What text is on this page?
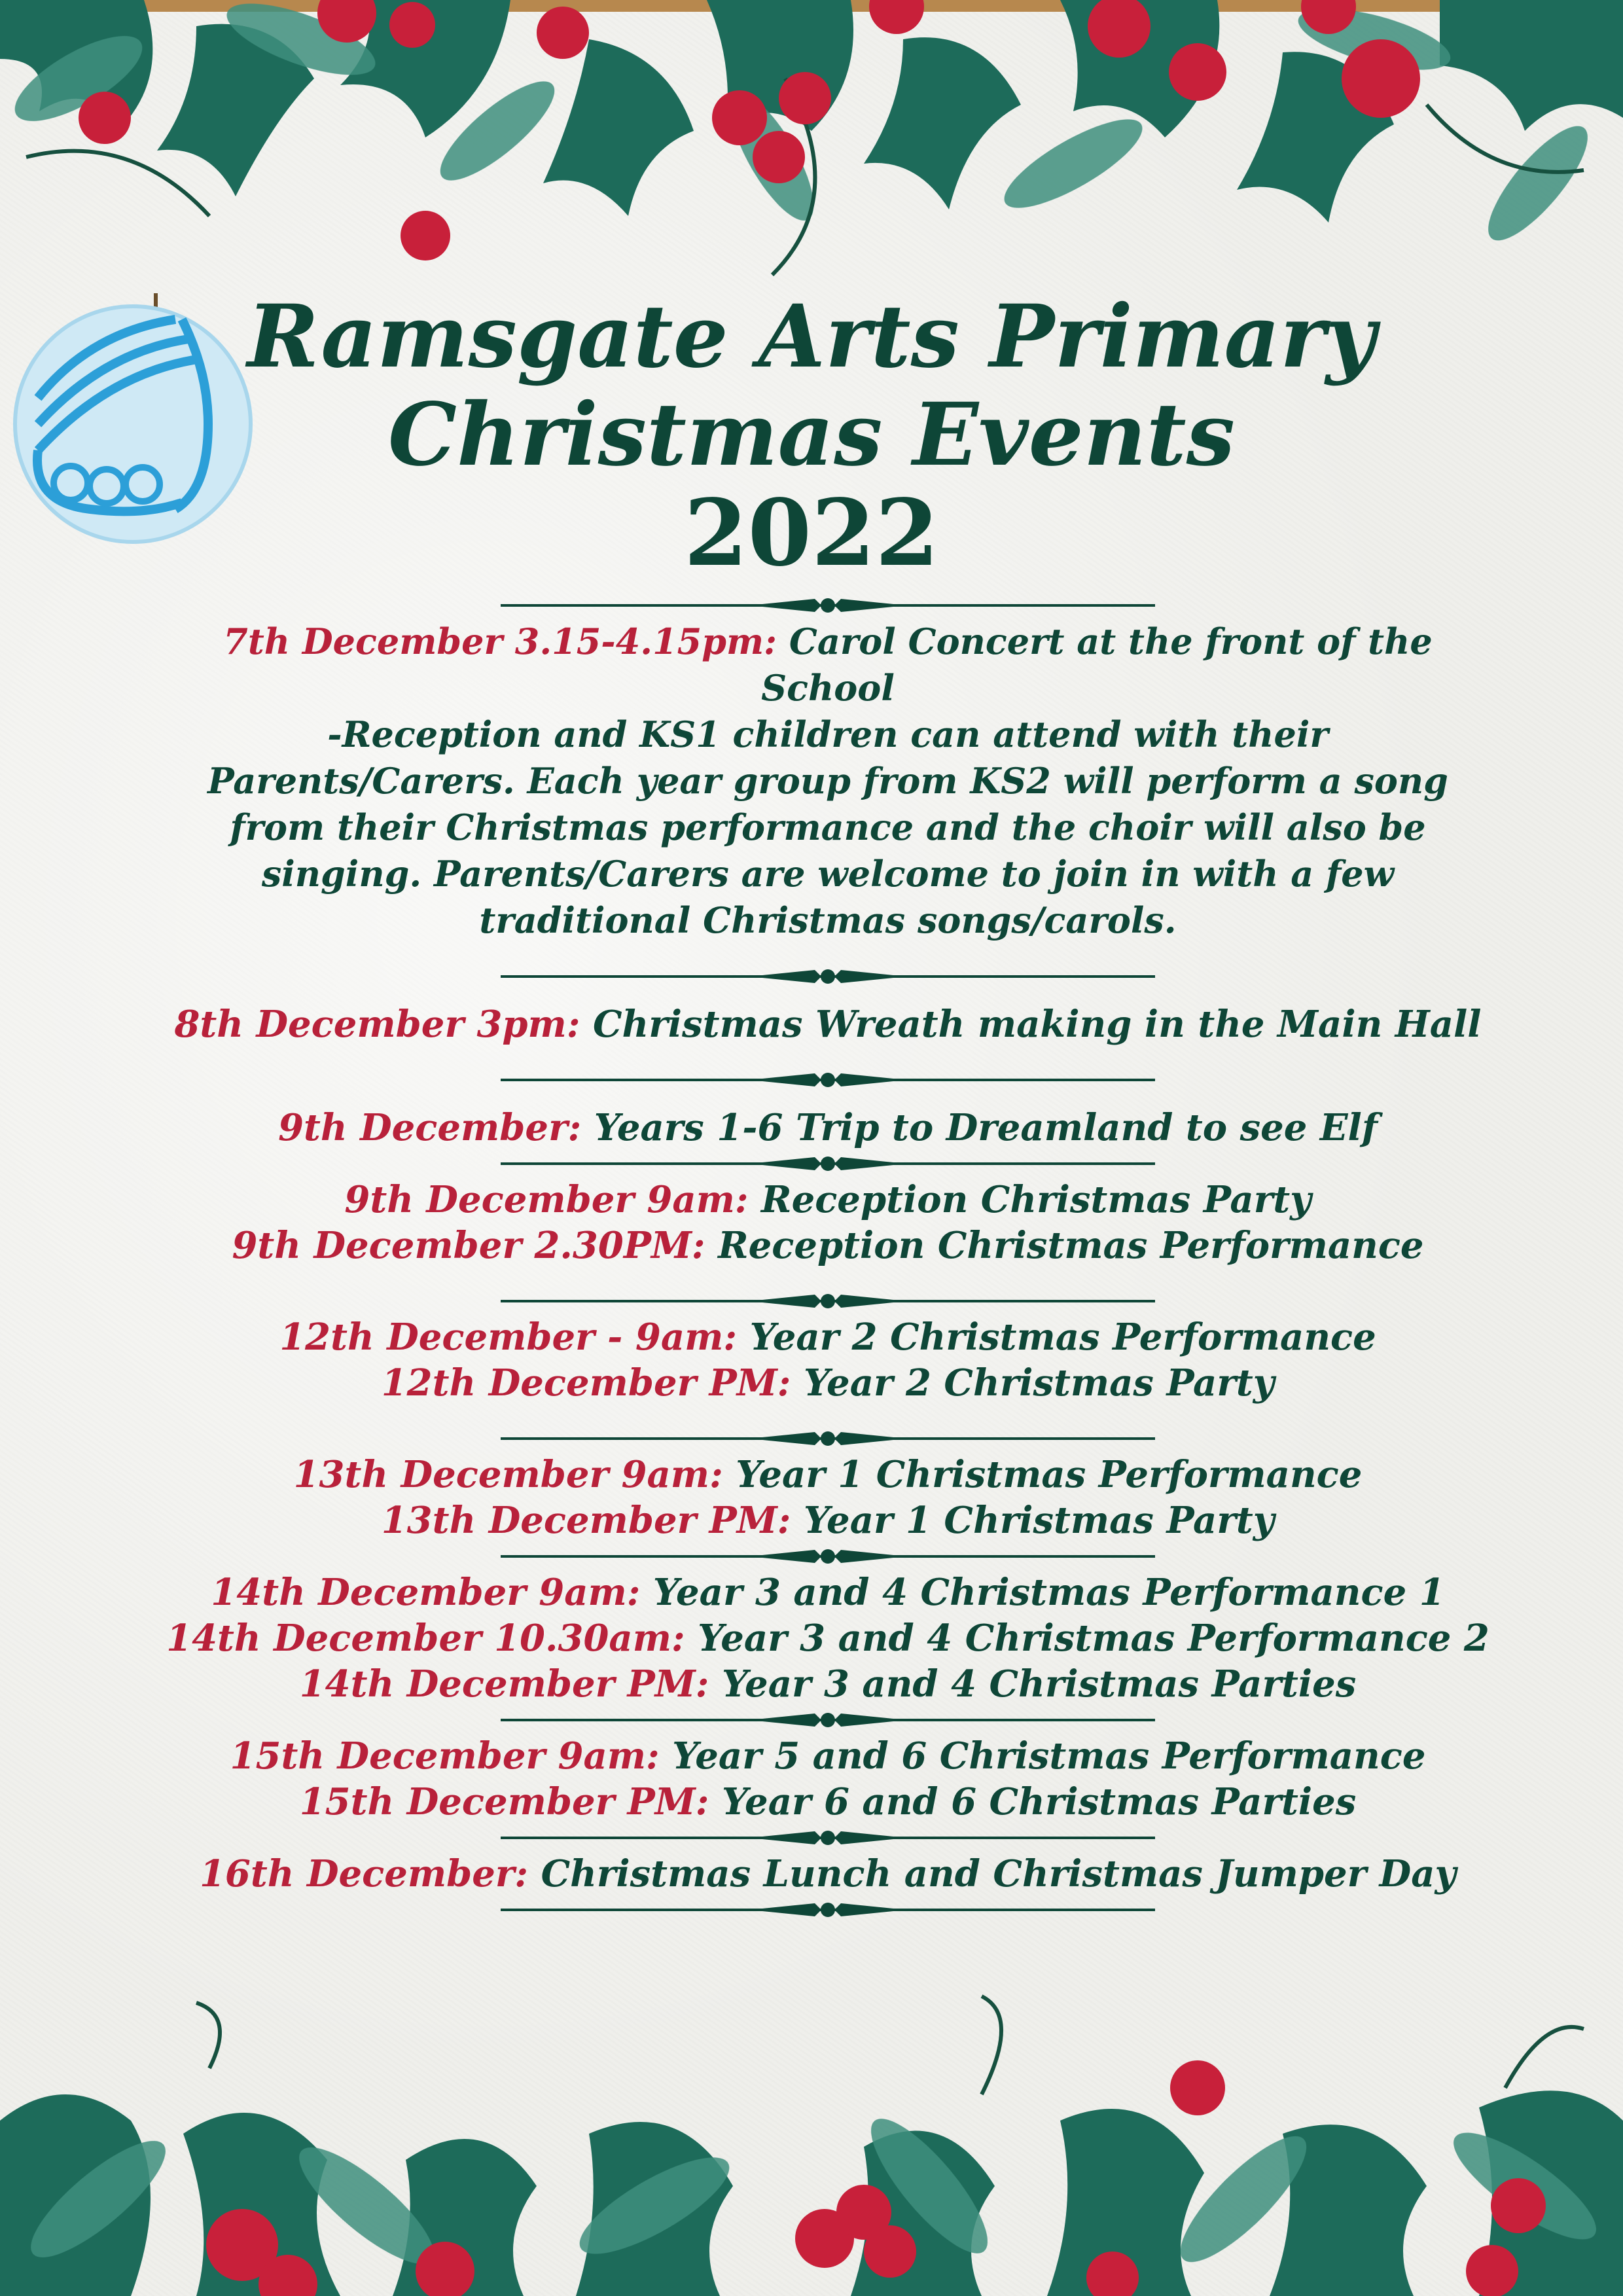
Ramsgate Arts Primary
Christmas Events
2022
7th December 3.15-4.15pm: Carol Concert at the front of the School
-Reception and KS1 children can attend with their
Parents/Carers. Each year group from KS2 will perform a song
from their Christmas performance and the choir will also be
singing. Parents/Carers are welcome to join in with a few
traditional Christmas songs/carols.
8th December 3pm: Christmas Wreath making in the Main Hall
9th December: Years 1-6 Trip to Dreamland to see Elf
9th December 9am: Reception Christmas Party
9th December 2.30PM: Reception Christmas Performance
12th December - 9am: Year 2 Christmas Performance
12th December PM: Year 2 Christmas Party
13th December 9am: Year 1 Christmas Performance
13th December PM: Year 1 Christmas Party
14th December 9am: Year 3 and 4 Christmas Performance 1
14th December 10.30am: Year 3 and 4 Christmas Performance 2
14th December PM: Year 3 and 4 Christmas Parties
15th December 9am: Year 5 and 6 Christmas Performance
15th December PM: Year 6 and 6 Christmas Parties
16th December: Christmas Lunch and Christmas Jumper Day
